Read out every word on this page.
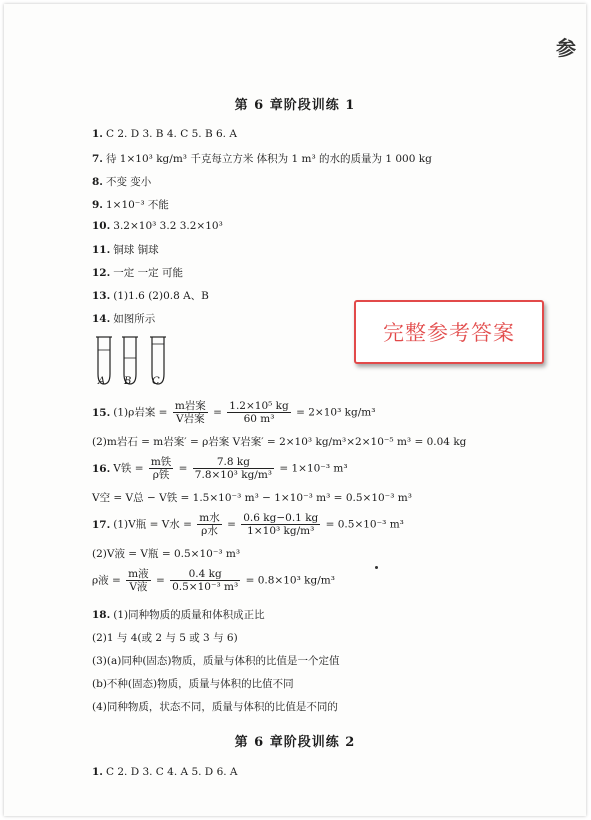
参
第 6 章阶段训练 1
1. C 2. D 3. B 4. C 5. B 6. A
7. 待 1×10³ kg/m³ 千克每立方米 体积为 1 m³ 的水的质量为 1 000 kg
8. 不变 变小
9. 1×10⁻³ 不能
10. 3.2×10³ 3.2 3.2×10³
11. 铜球 铜球
12. 一定 一定 可能
13. (1)1.6 (2)0.8 A、B
14. 如图所示
A B C
完整参考答案
15. (1)ρ岩案 = $\frac{\text{m岩案}}{\text{V岩案}} = \frac{\text{1.2×10⁵ kg}}{\text{60 m³}} = 2\times 10^3$ kg/m³
(2)m岩石 = m岩案′ = ρ岩案 V岩案′ = 2×10³ kg/m³×2×10⁻⁵ m³ = 0.04 kg
16. V铁 = $\frac{\text{m铁}}{\text{ρ铁}} = \frac{7.8 kg}{\text{7.8×10³ kg/m³}} = 1\times 10^{-3}$ m³
V空 = V总 − V铁 = 1.5×10⁻³ m³ − 1×10⁻³ m³ = 0.5×10⁻³ m³
17. (1)V瓶 = V水 = $\frac{\text{m水}}{\text{ρ水}} = \frac{0.6 kg-0.1 kg}{\text{1×10³ kg/m³}} = 0.5\times 10^{-3}$ m³
(2)V液 = V瓶 = 0.5×10⁻³ m³
ρ液 = $\frac{\text{m液}}{\text{V液}} = \frac{0.4 kg}{\text{0.5×10⁻³ m³}} = 0.8\times 10^3$ kg/m³
18. (1)同种物质的质量和体积成正比
(2)1 与 4(或 2 与 5 或 3 与 6)
(3)(a)同种(固态)物质，质量与体积的比值是一个定值
(b)不种(固态)物质，质量与体积的比值不同
(4)同种物质，状态不同，质量与体积的比值是不同的
第 6 章阶段训练 2
1. C 2. D 3. C 4. A 5. D 6. A
